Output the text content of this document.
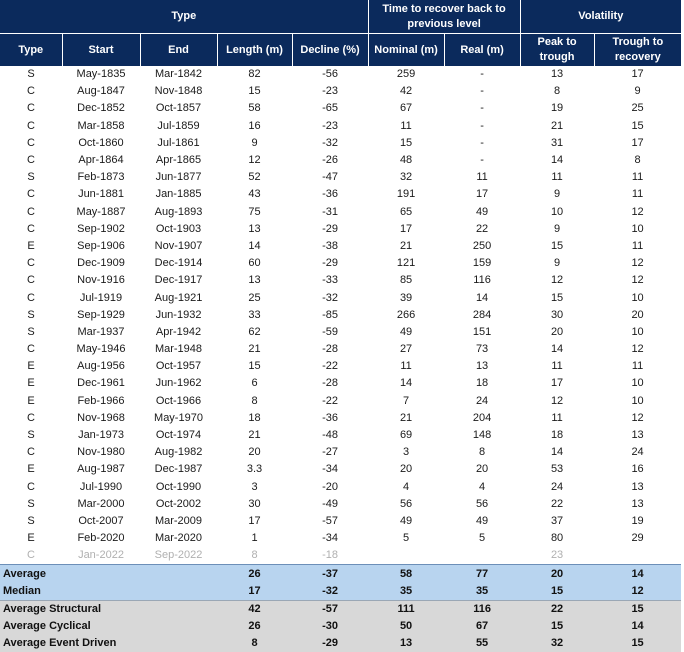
Type					Time to recover back to previous level		Volatility	
Type	Start	End	Length (m)	Decline (%)	Nominal (m)	Real (m)	Peak to trough	Trough to recovery
S	May-1835	Mar-1842	82	-56	259	-	13	17
C	Aug-1847	Nov-1848	15	-23	42	-	8	9
C	Dec-1852	Oct-1857	58	-65	67	-	19	25
C	Mar-1858	Jul-1859	16	-23	11	-	21	15
C	Oct-1860	Jul-1861	9	-32	15	-	31	17
C	Apr-1864	Apr-1865	12	-26	48	-	14	8
S	Feb-1873	Jun-1877	52	-47	32	11	11	11
C	Jun-1881	Jan-1885	43	-36	191	17	9	11
C	May-1887	Aug-1893	75	-31	65	49	10	12
C	Sep-1902	Oct-1903	13	-29	17	22	9	10
E	Sep-1906	Nov-1907	14	-38	21	250	15	11
C	Dec-1909	Dec-1914	60	-29	121	159	9	12
C	Nov-1916	Dec-1917	13	-33	85	116	12	12
C	Jul-1919	Aug-1921	25	-32	39	14	15	10
S	Sep-1929	Jun-1932	33	-85	266	284	30	20
S	Mar-1937	Apr-1942	62	-59	49	151	20	10
C	May-1946	Mar-1948	21	-28	27	73	14	12
E	Aug-1956	Oct-1957	15	-22	11	13	11	11
E	Dec-1961	Jun-1962	6	-28	14	18	17	10
E	Feb-1966	Oct-1966	8	-22	7	24	12	10
C	Nov-1968	May-1970	18	-36	21	204	11	12
S	Jan-1973	Oct-1974	21	-48	69	148	18	13
C	Nov-1980	Aug-1982	20	-27	3	8	14	24
E	Aug-1987	Dec-1987	3.3	-34	20	20	53	16
C	Jul-1990	Oct-1990	3	-20	4	4	24	13
S	Mar-2000	Oct-2002	30	-49	56	56	22	13
S	Oct-2007	Mar-2009	17	-57	49	49	37	19
E	Feb-2020	Mar-2020	1	-34	5	5	80	29
C	Jan-2022	Sep-2022	8	-18			23	
Average			26	-37	58	77	20	14
Median			17	-32	35	35	15	12
Average Structural			42	-57	111	116	22	15
Average Cyclical			26	-30	50	67	15	14
Average Event Driven			8	-29	13	55	32	15
